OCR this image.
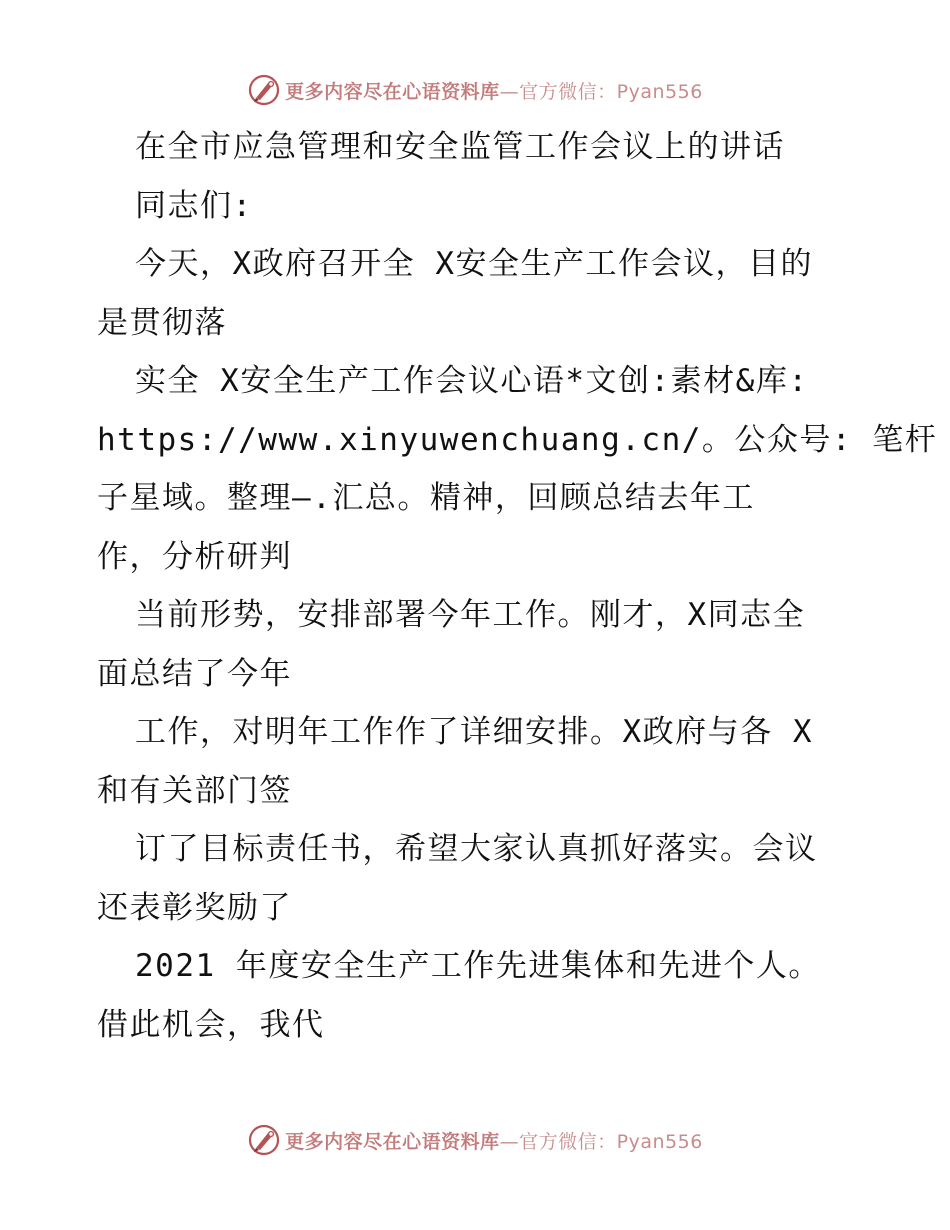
更多内容尽在心语资料库—官方微信：Pyan556
在全市应急管理和安全监管工作会议上的讲话
同志们:
今天，X政府召开全 X安全生产工作会议，目的
是贯彻落
实全 X安全生产工作会议心语*文创:素材&库:
https://www.xinyuwenchuang.cn/。公众号: 笔杆
子星域。整理—.汇总。精神，回顾总结去年工
作，分析研判
当前形势，安排部署今年工作。刚才，X同志全
面总结了今年
工作，对明年工作作了详细安排。X政府与各 X
和有关部门签
订了目标责任书，希望大家认真抓好落实。会议
还表彰奖励了
2021 年度安全生产工作先进集体和先进个人。
借此机会，我代
更多内容尽在心语资料库—官方微信：Pyan556
